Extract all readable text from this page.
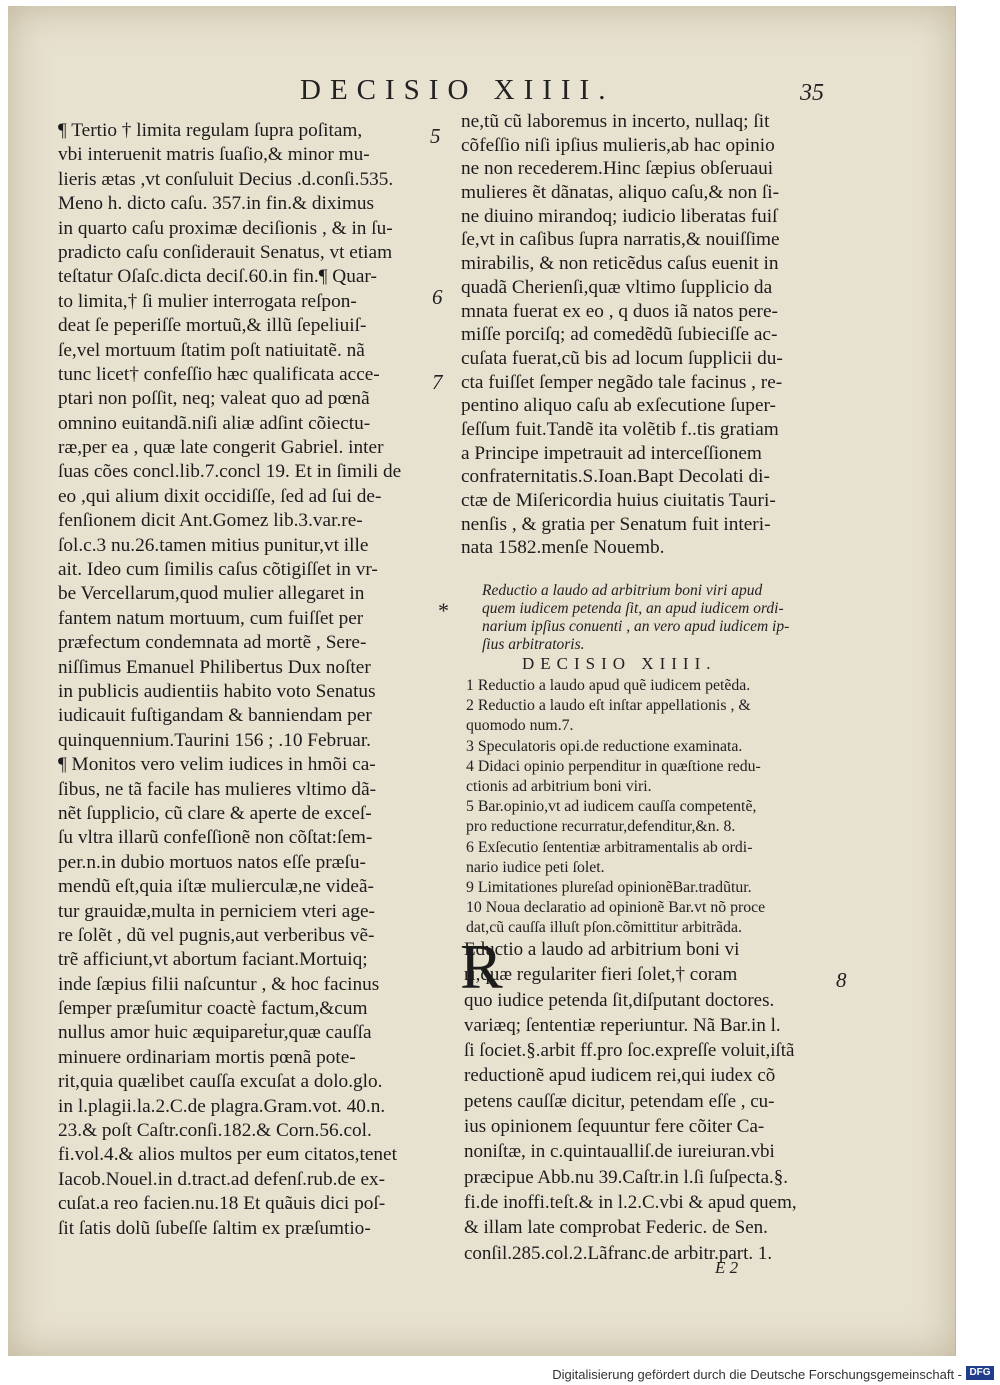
DECISIO XIIII.	35
¶ Tertio † limita regulam ſupra poſitam,
vbi interuenit matris ſuaſio,& minor mu-
lieris ætas ,vt conſuluit Decius .d.conſi.535.
Meno h. dicto caſu. 357.in fin.& diximus
in quarto caſu proximæ deciſionis , & in ſu-
pradicto caſu conſiderauit Senatus, vt etiam
teſtatur Oſaſc.dicta deciſ.60.in fin.¶ Quar-
to limita,† ſi mulier interrogata reſpon-
deat ſe peperiſſe mortuũ,& illũ ſepeliuiſ-
ſe,vel mortuum ſtatim poſt natiuitatẽ. nã
tunc licet† confeſſio hæc qualificata accе-
ptari non poſſit, neq; valeat quo ad pœnã
omnino euitandã.niſi aliæ adſint cõiectu-
ræ,per ea , quæ late congerit Gabriel. inter
ſuas cões concl.lib.7.concl 19. Et in ſimili de
eo ,qui alium dixit occidiſſe, ſed ad ſui de-
fenſionem dicit Ant.Gomez lib.3.var.re-
ſol.c.3 nu.26.tamen mitius punitur,vt ille
ait. Ideo cum ſimilis caſus cõtigiſſet in vr-
be Vercellarum,quod mulier allegaret in
fantem natum mortuum, cum fuiſſet per
præfectum condemnata ad mortẽ , Sere-
niſſimus Emanuel Philibertus Dux noſter
in publicis audientiis habito voto Senatus
iudicauit fuſtigandam & banniendam per
quinquennium.Taurini 156 ; .10 Februar.
¶ Monitos vero velim iudices in hmõi ca-
ſibus, ne tã facile has mulieres vltimo dã-
nẽt ſupplicio, cũ clare & aperte de exceſ-
ſu vltra illarũ confeſſionẽ non cõſtat:ſem-
per.n.in dubio mortuos natos eſſe præſu-
mendũ eſt,quia iſtæ mulierculæ,ne videã-
tur grauidæ,multa in perniciem vteri age-
re ſolẽt , dũ vel pugnis,aut verberibus vẽ-
trẽ afficiunt,vt abortum faciant.Mortuiq;
inde ſæpius filii naſcuntur , & hoc facinus
ſemper præſumitur coactè factum,&cum
nullus amor huic æquipareṫur,quæ cauſſa
minuere ordinariam mortis pœnã pote-
rit,quia quælibet cauſſa excuſat a dolo.glo.
in l.plagii.la.2.C.de plagra.Gram.vot. 40.n.
23.& poſt Caſtr.conſi.182.& Corn.56.col.
fi.vol.4.& alios multos per eum citatos,tenet
Iacob.Nouel.in d.tract.ad defenſ.rub.de ex-
cuſat.a reo facien.nu.18 Et quãuis dici poſ-
ſit ſatis dolũ ſubeſſe ſaltim ex præſumtio-
ne,tũ cũ laboremus in incerto, nullaq; ſit
cõfeſſio niſi ipſius mulieris,ab hac opinio
ne non recederem.Hinc ſæpius obſeruaui
mulieres ẽt dãnatas, aliquo caſu,& non ſi-
ne diuino mirandoq; iudicio liberatas fuiſ
ſe,vt in caſibus ſupra narratis,& nouiſſime
mirabilis, & non reticẽdus caſus euenit in
quadã Cherienſi,quæ vltimo ſupplicio da
mnata fuerat ex eo , q duos iã natos pere-
miſſe porciſq; ad comedẽdũ ſubieciſſe ac-
cuſata fuerat,cũ bis ad locum ſupplicii du-
cta fuiſſet ſemper negãdo tale facinus , re-
pentino aliquo caſu ab exſecutione ſuper-
ſeſſum fuit.Tandẽ ita volẽtib f..tis gratiam
a Principe impetrauit ad interceſſionem
confraternitatis.S.Ioan.Bapt Decolati di-
ctæ de Miſericordia huius ciuitatis Tauri-
nenſis , & gratia per Senatum fuit interi-
nata 1582.menſe Nouemb.
5
6
7
8
*
Reductio a laudo ad arbitrium boni viri apud
quem iudicem petenda ſit, an apud iudicem ordi-
narium ipſius conuenti , an vero apud iudicem ip-
ſius arbitratoris.
DECISIO XIIII.
1 Reductio a laudo apud quẽ iudicem petẽda.
2 Reductio a laudo eſt inſtar appellationis , &
quomodo num.7.
3 Speculatoris opi.de reductione examinata.
4 Didaci opinio perpenditur in quæſtione redu-
ctionis ad arbitrium boni viri.
5 Bar.opinio,vt ad iudicem cauſſa competentẽ,
pro reductione recurratur,defenditur,&n. 8.
6 Exſecutio ſententiæ arbitramentalis ab ordi-
nario iudice peti ſolet.
9 Limitationes plureſad opinionẽBar.tradũtur.
10 Noua declaratio ad opinionẽ Bar.vt nõ proce
dat,cũ cauſſa illuſt pſon.cõmittitur arbitrãda.
R
Eductio a laudo ad arbitrium boni vi
ri,quæ regulariter fieri ſolet,† coram
quo iudice petenda ſit,diſputant doctores.
variæq; ſententiæ reperiuntur. Nã Bar.in l.
ſi ſociet.§.arbit ff.pro ſoc.expreſſe voluit,iſtã
reductionẽ apud iudicem rei,qui iudex cõ
petens cauſſæ dicitur, petendam eſſe , cu-
ius opinionem ſequuntur fere cõiter Ca-
noniſtæ, in c.quintaualliſ.de iureiuran.vbi
præcipue Abb.nu 39.Caſtr.in l.ſi ſuſpecta.§.
fi.de inoffi.teſt.& in l.2.C.vbi & apud quem,
& illam late comprobat Federic. de Sen.
conſil.285.col.2.Lãfranc.de arbitr.part. 1.
E 2
Digitalisierung gefördert durch die Deutsche Forschungsgemeinschaft - DFG
